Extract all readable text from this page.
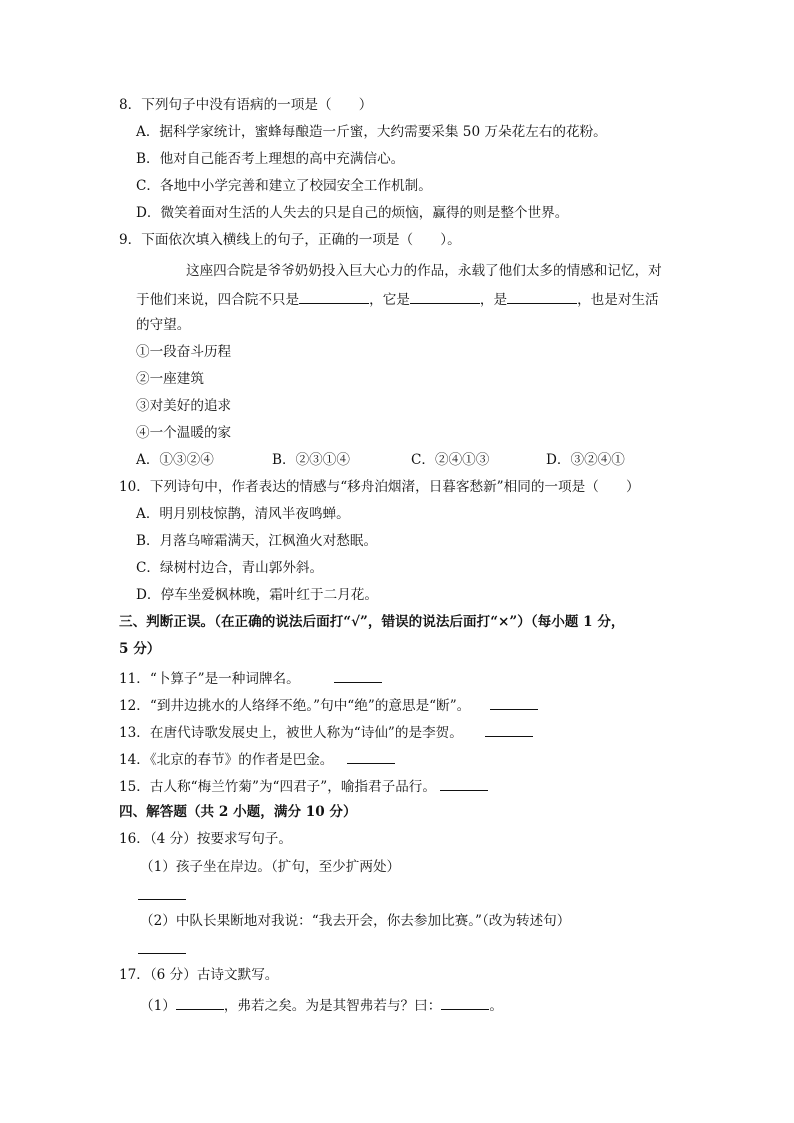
8．下列句子中没有语病的一项是（　　）
A．据科学家统计，蜜蜂每酿造一斤蜜，大约需要采集 50 万朵花左右的花粉。
B．他对自己能否考上理想的高中充满信心。
C．各地中小学完善和建立了校园安全工作机制。
D．微笑着面对生活的人失去的只是自己的烦恼，赢得的则是整个世界。
9．下面依次填入横线上的句子，正确的一项是（　　）。
这座四合院是爷爷奶奶投入巨大心力的作品，永载了他们太多的情感和记忆，对
于他们来说，四合院不只是	，它是	，是	，也是对生活
的守望。
①一段奋斗历程
②一座建筑
③对美好的追求
④一个温暖的家
A．①③②④	B．②③①④	C．②④①③	D．③②④①
10．下列诗句中，作者表达的情感与“移舟泊烟渚，日暮客愁新”相同的一项是（　　）
A．明月别枝惊鹊，清风半夜鸣蝉。
B．月落乌啼霜满天，江枫渔火对愁眠。
C．绿树村边合，青山郭外斜。
D．停车坐爱枫林晚，霜叶红于二月花。
三、判断正误。（在正确的说法后面打“√”，错误的说法后面打“×”）（每小题 1 分，
5 分）
11．“卜算子”是一种词牌名。
12．“到井边挑水的人络绎不绝。”句中“绝”的意思是“断”。
13．在唐代诗歌发展史上，被世人称为“诗仙”的是李贺。
14．《北京的春节》的作者是巴金。
15．古人称“梅兰竹菊”为“四君子”，喻指君子品行。
四、解答题（共 2 小题，满分 10 分）
16．（4 分）按要求写句子。
（1）孩子坐在岸边。（扩句，至少扩两处）
（2）中队长果断地对我说：“我去开会，你去参加比赛。”（改为转述句）
17．（6 分）古诗文默写。
（1）	，弗若之矣。为是其智弗若与？曰：	。
